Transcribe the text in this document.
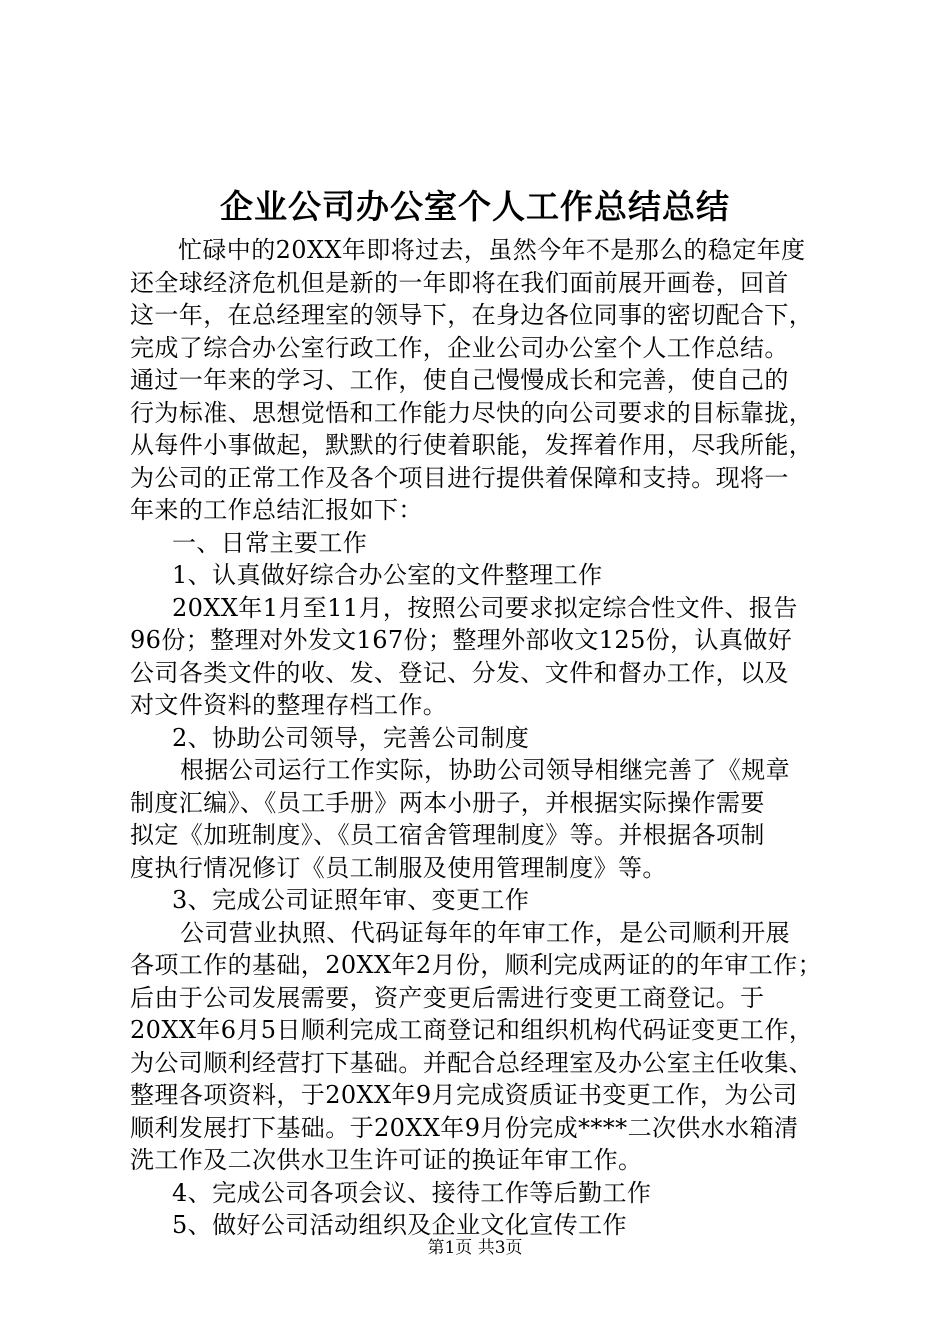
企业公司办公室个人工作总结总结
忙碌中的20XX年即将过去，虽然今年不是那么的稳定年度
还全球经济危机但是新的一年即将在我们面前展开画卷，回首
这一年，在总经理室的领导下，在身边各位同事的密切配合下，
完成了综合办公室行政工作，企业公司办公室个人工作总结。
通过一年来的学习、工作，使自己慢慢成长和完善，使自己的
行为标准、思想觉悟和工作能力尽快的向公司要求的目标靠拢，
从每件小事做起，默默的行使着职能，发挥着作用，尽我所能，
为公司的正常工作及各个项目进行提供着保障和支持。现将一
年来的工作总结汇报如下：
一、日常主要工作
1、认真做好综合办公室的文件整理工作
20XX年1月至11月，按照公司要求拟定综合性文件、报告
96份；整理对外发文167份；整理外部收文125份，认真做好
公司各类文件的收、发、登记、分发、文件和督办工作，以及
对文件资料的整理存档工作。
2、协助公司领导，完善公司制度
根据公司运行工作实际，协助公司领导相继完善了《规章
制度汇编》、《员工手册》两本小册子，并根据实际操作需要
拟定《加班制度》、《员工宿舍管理制度》等。并根据各项制
度执行情况修订《员工制服及使用管理制度》等。
3、完成公司证照年审、变更工作
公司营业执照、代码证每年的年审工作，是公司顺利开展
各项工作的基础，20XX年2月份，顺利完成两证的的年审工作；
后由于公司发展需要，资产变更后需进行变更工商登记。于
20XX年6月5日顺利完成工商登记和组织机构代码证变更工作，
为公司顺利经营打下基础。并配合总经理室及办公室主任收集、
整理各项资料，于20XX年9月完成资质证书变更工作，为公司
顺利发展打下基础。于20XX年9月份完成****二次供水水箱清
洗工作及二次供水卫生许可证的换证年审工作。
4、完成公司各项会议、接待工作等后勤工作
5、做好公司活动组织及企业文化宣传工作
第1页 共3页
